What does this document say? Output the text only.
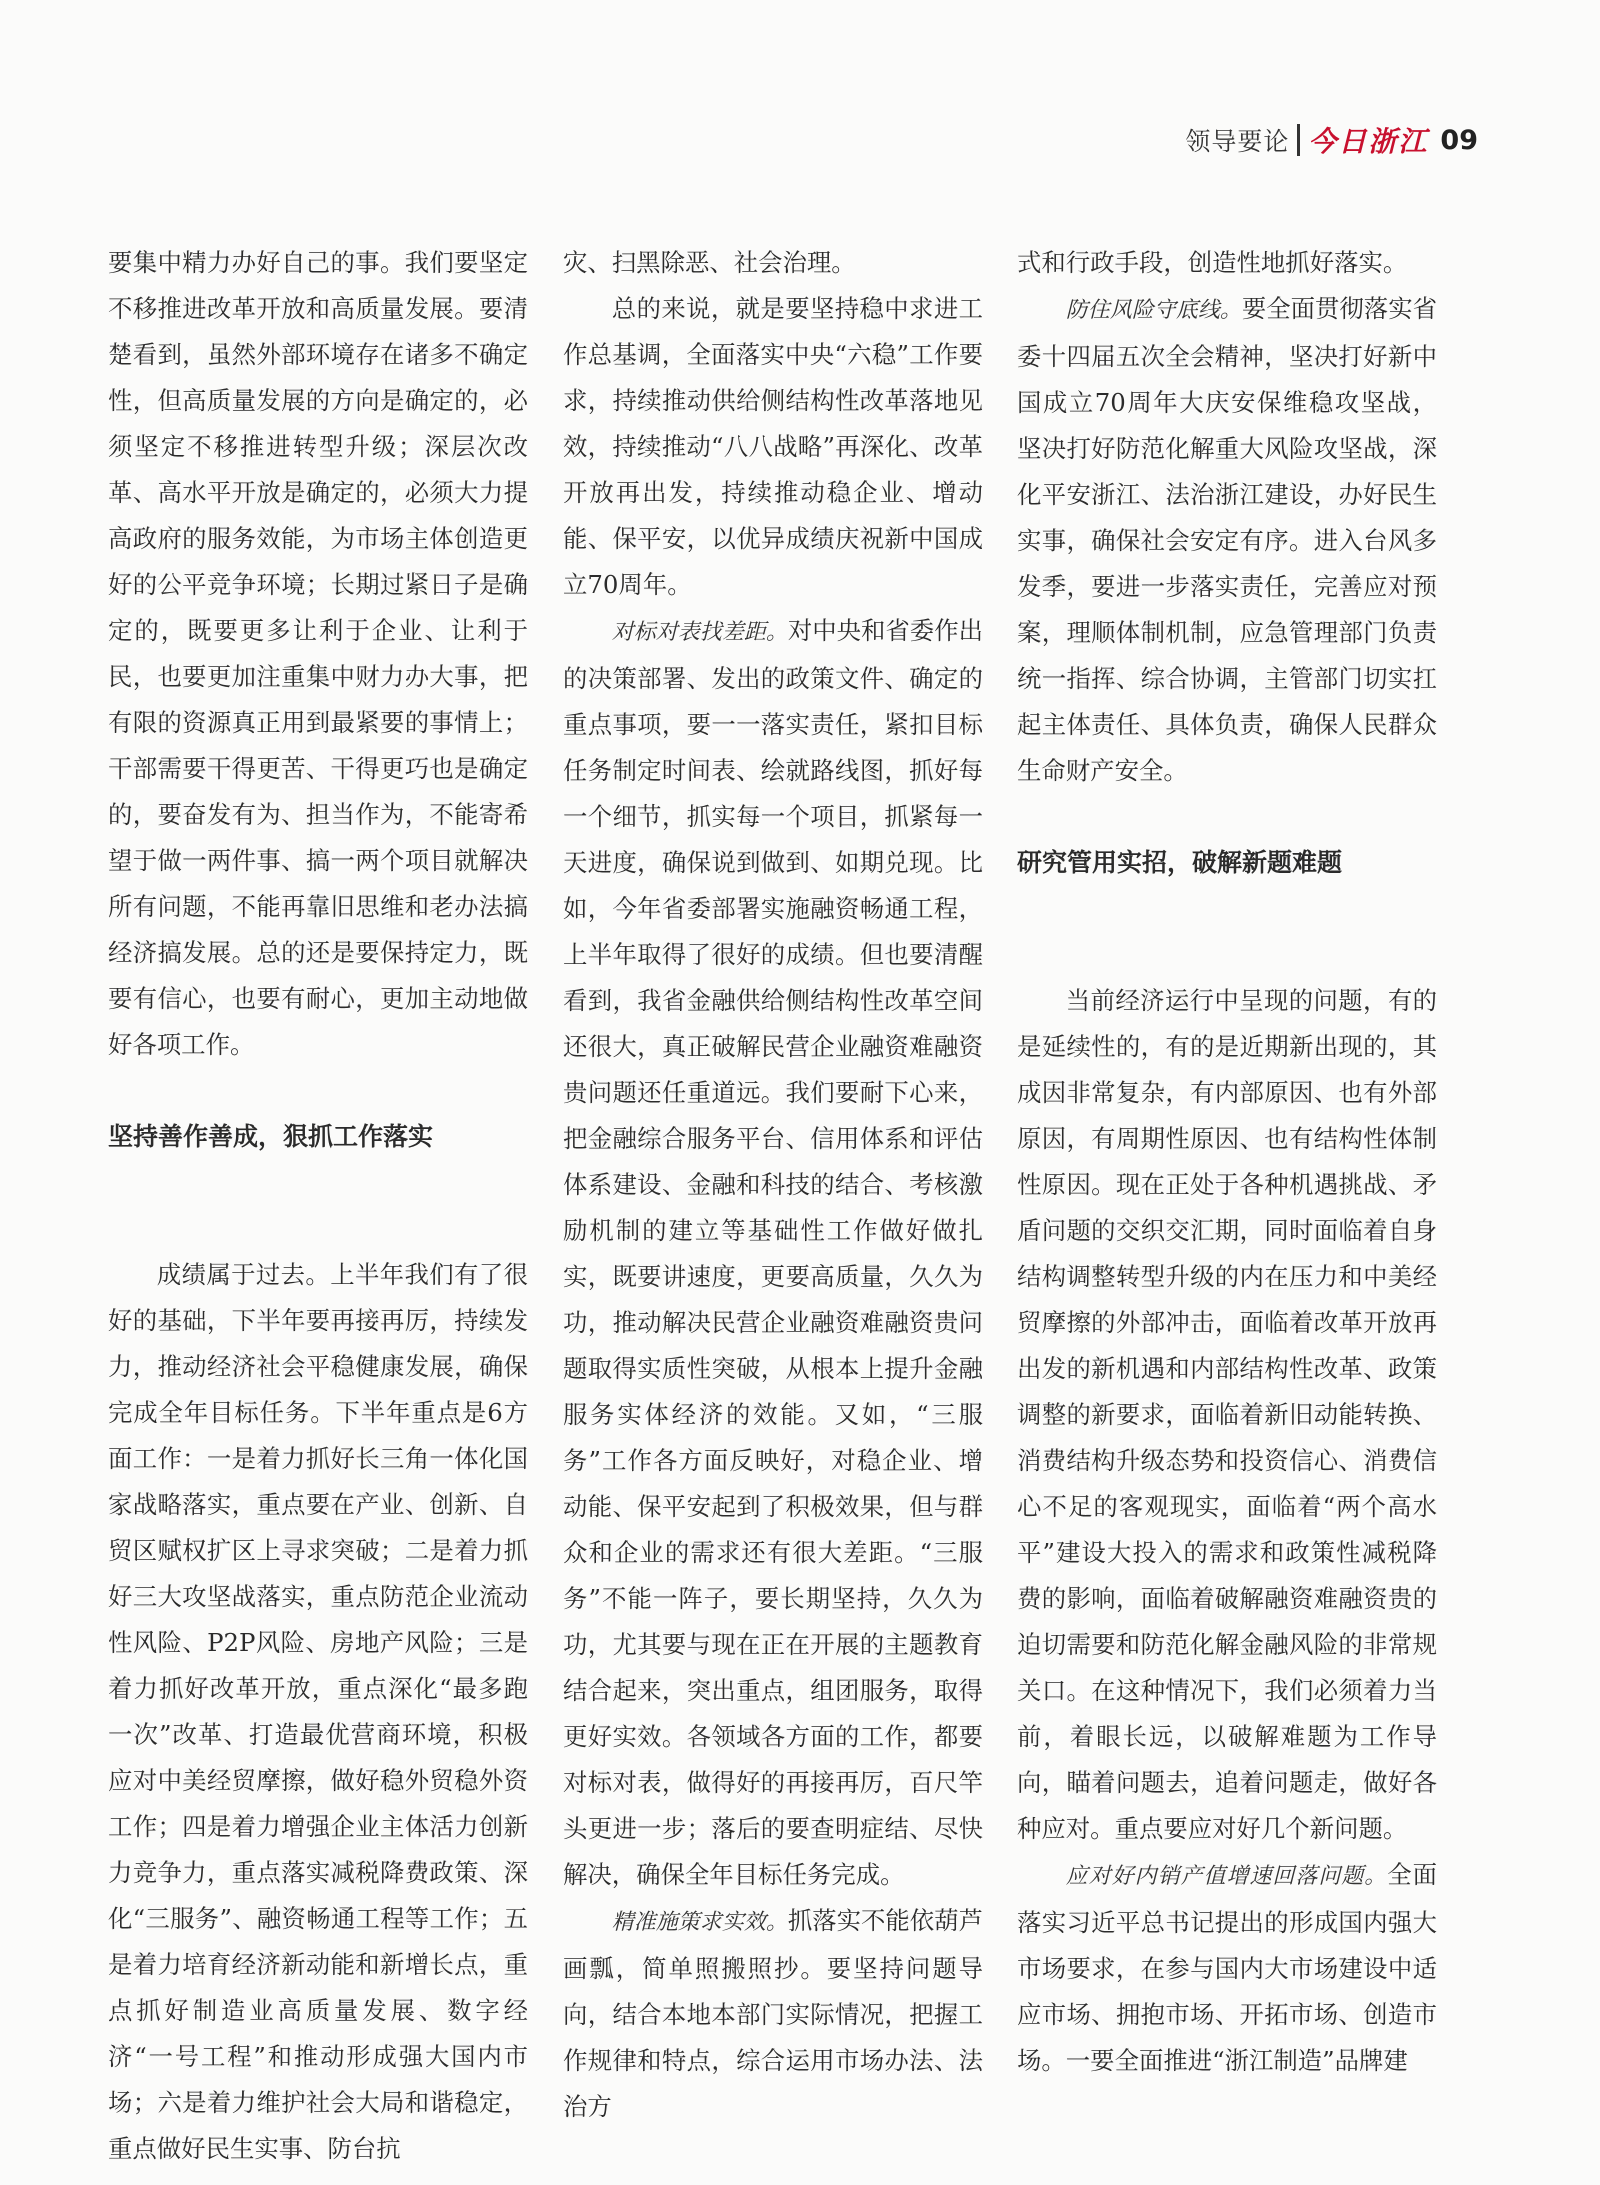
领导要论 今日浙江 09

要集中精力办好自己的事。我们要坚定不移推进改革开放和高质量发展。要清楚看到，虽然外部环境存在诸多不确定性，但高质量发展的方向是确定的，必须坚定不移推进转型升级；深层次改革、高水平开放是确定的，必须大力提高政府的服务效能，为市场主体创造更好的公平竞争环境；长期过紧日子是确定的，既要更多让利于企业、让利于民，也要更加注重集中财力办大事，把有限的资源真正用到最紧要的事情上；干部需要干得更苦、干得更巧也是确定的，要奋发有为、担当作为，不能寄希望于做一两件事、搞一两个项目就解决所有问题，不能再靠旧思维和老办法搞经济搞发展。总的还是要保持定力，既要有信心，也要有耐心，更加主动地做好各项工作。

坚持善作善成，狠抓工作落实

成绩属于过去。上半年我们有了很好的基础，下半年要再接再厉，持续发力，推动经济社会平稳健康发展，确保完成全年目标任务。下半年重点是6方面工作：一是着力抓好长三角一体化国家战略落实，重点要在产业、创新、自贸区赋权扩区上寻求突破；二是着力抓好三大攻坚战落实，重点防范企业流动性风险、P2P风险、房地产风险；三是着力抓好改革开放，重点深化“最多跑一次”改革、打造最优营商环境，积极应对中美经贸摩擦，做好稳外贸稳外资工作；四是着力增强企业主体活力创新力竞争力，重点落实减税降费政策、深化“三服务”、融资畅通工程等工作；五是着力培育经济新动能和新增长点，重点抓好制造业高质量发展、数字经济“一号工程”和推动形成强大国内市场；六是着力维护社会大局和谐稳定，重点做好民生实事、防台抗

灾、扫黑除恶、社会治理。

总的来说，就是要坚持稳中求进工作总基调，全面落实中央“六稳”工作要求，持续推动供给侧结构性改革落地见效，持续推动“八八战略”再深化、改革开放再出发，持续推动稳企业、增动能、保平安，以优异成绩庆祝新中国成立70周年。

对标对表找差距。对中央和省委作出的决策部署、发出的政策文件、确定的重点事项，要一一落实责任，紧扣目标任务制定时间表、绘就路线图，抓好每一个细节，抓实每一个项目，抓紧每一天进度，确保说到做到、如期兑现。比如，今年省委部署实施融资畅通工程，上半年取得了很好的成绩。但也要清醒看到，我省金融供给侧结构性改革空间还很大，真正破解民营企业融资难融资贵问题还任重道远。我们要耐下心来，把金融综合服务平台、信用体系和评估体系建设、金融和科技的结合、考核激励机制的建立等基础性工作做好做扎实，既要讲速度，更要高质量，久久为功，推动解决民营企业融资难融资贵问题取得实质性突破，从根本上提升金融服务实体经济的效能。又如，“三服务”工作各方面反映好，对稳企业、增动能、保平安起到了积极效果，但与群众和企业的需求还有很大差距。“三服务”不能一阵子，要长期坚持，久久为功，尤其要与现在正在开展的主题教育结合起来，突出重点，组团服务，取得更好实效。各领域各方面的工作，都要对标对表，做得好的再接再厉，百尺竿头更进一步；落后的要查明症结、尽快解决，确保全年目标任务完成。

精准施策求实效。抓落实不能依葫芦画瓢，简单照搬照抄。要坚持问题导向，结合本地本部门实际情况，把握工作规律和特点，综合运用市场办法、法治方

式和行政手段，创造性地抓好落实。

防住风险守底线。要全面贯彻落实省委十四届五次全会精神，坚决打好新中国成立70周年大庆安保维稳攻坚战，坚决打好防范化解重大风险攻坚战，深化平安浙江、法治浙江建设，办好民生实事，确保社会安定有序。进入台风多发季，要进一步落实责任，完善应对预案，理顺体制机制，应急管理部门负责统一指挥、综合协调，主管部门切实扛起主体责任、具体负责，确保人民群众生命财产安全。

研究管用实招，破解新题难题

当前经济运行中呈现的问题，有的是延续性的，有的是近期新出现的，其成因非常复杂，有内部原因、也有外部原因，有周期性原因、也有结构性体制性原因。现在正处于各种机遇挑战、矛盾问题的交织交汇期，同时面临着自身结构调整转型升级的内在压力和中美经贸摩擦的外部冲击，面临着改革开放再出发的新机遇和内部结构性改革、政策调整的新要求，面临着新旧动能转换、消费结构升级态势和投资信心、消费信心不足的客观现实，面临着“两个高水平”建设大投入的需求和政策性减税降费的影响，面临着破解融资难融资贵的迫切需要和防范化解金融风险的非常规关口。在这种情况下，我们必须着力当前，着眼长远，以破解难题为工作导向，瞄着问题去，追着问题走，做好各种应对。重点要应对好几个新问题。

应对好内销产值增速回落问题。全面落实习近平总书记提出的形成国内强大市场要求，在参与国内大市场建设中适应市场、拥抱市场、开拓市场、创造市场。一要全面推进“浙江制造”品牌建
